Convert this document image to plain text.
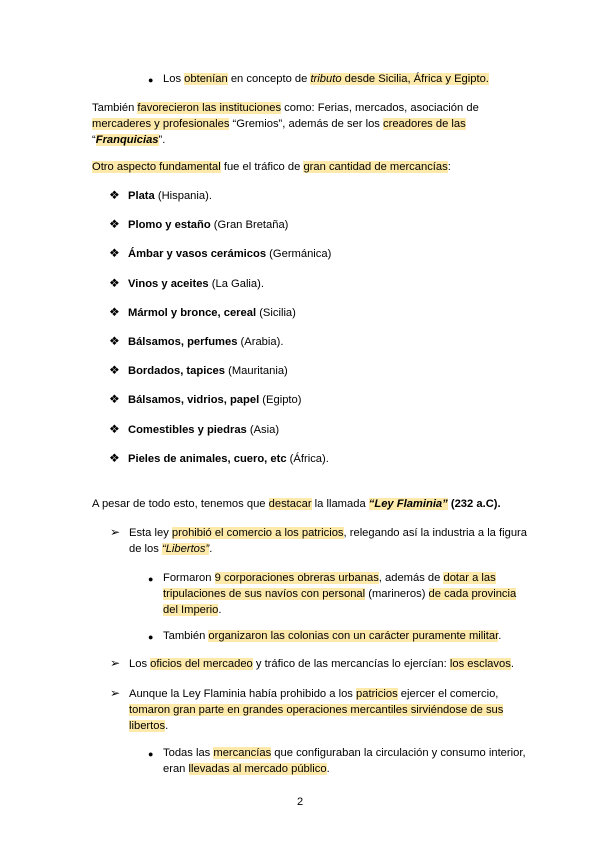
● Los obtenían en concepto de tributo desde Sicilia, África y Egipto.
También favorecieron las instituciones como: Ferias, mercados, asociación de
mercaderes y profesionales “Gremios”, además de ser los creadores de las
“Franquicias”.
Otro aspecto fundamental fue el tráfico de gran cantidad de mercancías:
❖ Plata (Hispania).
❖ Plomo y estaño (Gran Bretaña)
❖ Ámbar y vasos cerámicos (Germánica)
❖ Vinos y aceites (La Galia).
❖ Mármol y bronce, cereal (Sicilia)
❖ Bálsamos, perfumes (Arabia).
❖ Bordados, tapices (Mauritania)
❖ Bálsamos, vidrios, papel (Egipto)
❖ Comestibles y piedras (Asia)
❖ Pieles de animales, cuero, etc (África).
A pesar de todo esto, tenemos que destacar la llamada “Ley Flaminia” (232 a.C).
➢ Esta ley prohibió el comercio a los patricios, relegando así la industria a la figura
de los “Libertos”.
● Formaron 9 corporaciones obreras urbanas, además de dotar a las
tripulaciones de sus navíos con personal (marineros) de cada provincia
del Imperio.
● También organizaron las colonias con un carácter puramente militar.
➢ Los oficios del mercadeo y tráfico de las mercancías lo ejercían: los esclavos.
➢ Aunque la Ley Flaminia había prohibido a los patricios ejercer el comercio,
tomaron gran parte en grandes operaciones mercantiles sirviéndose de sus
libertos.
● Todas las mercancías que configuraban la circulación y consumo interior,
eran llevadas al mercado público.
2
